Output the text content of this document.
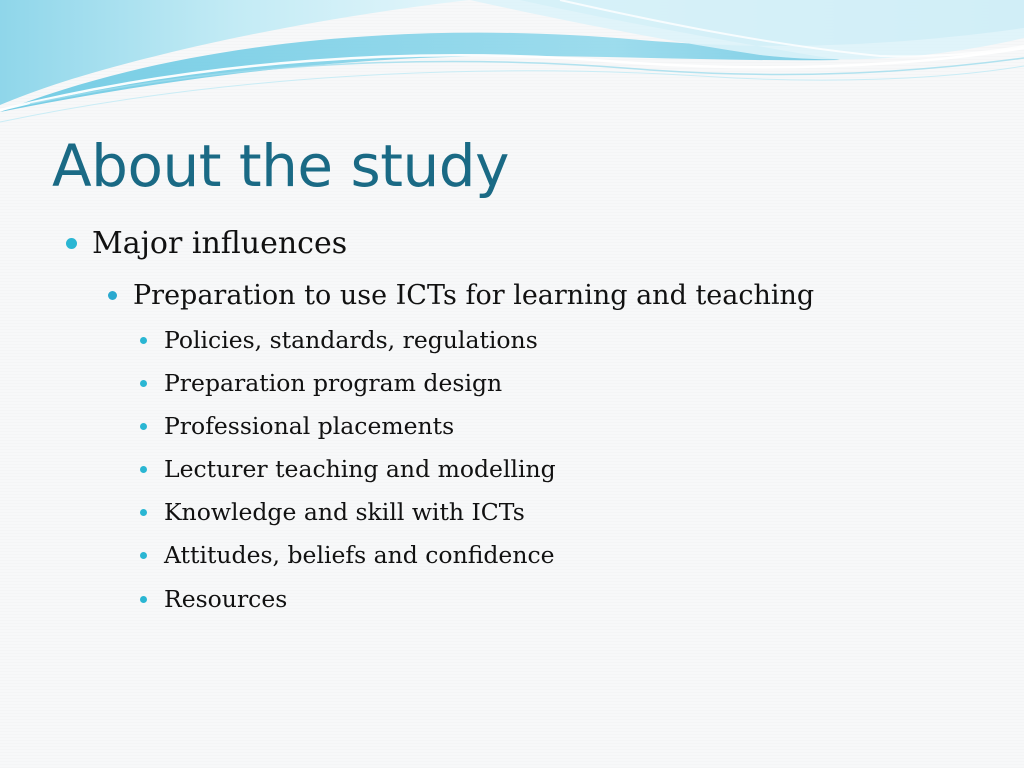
About the study
Major influences
Preparation to use ICTs for learning and teaching
Policies, standards, regulations
Preparation program design
Professional placements
Lecturer teaching and modelling
Knowledge and skill with ICTs
Attitudes, beliefs and confidence
Resources
